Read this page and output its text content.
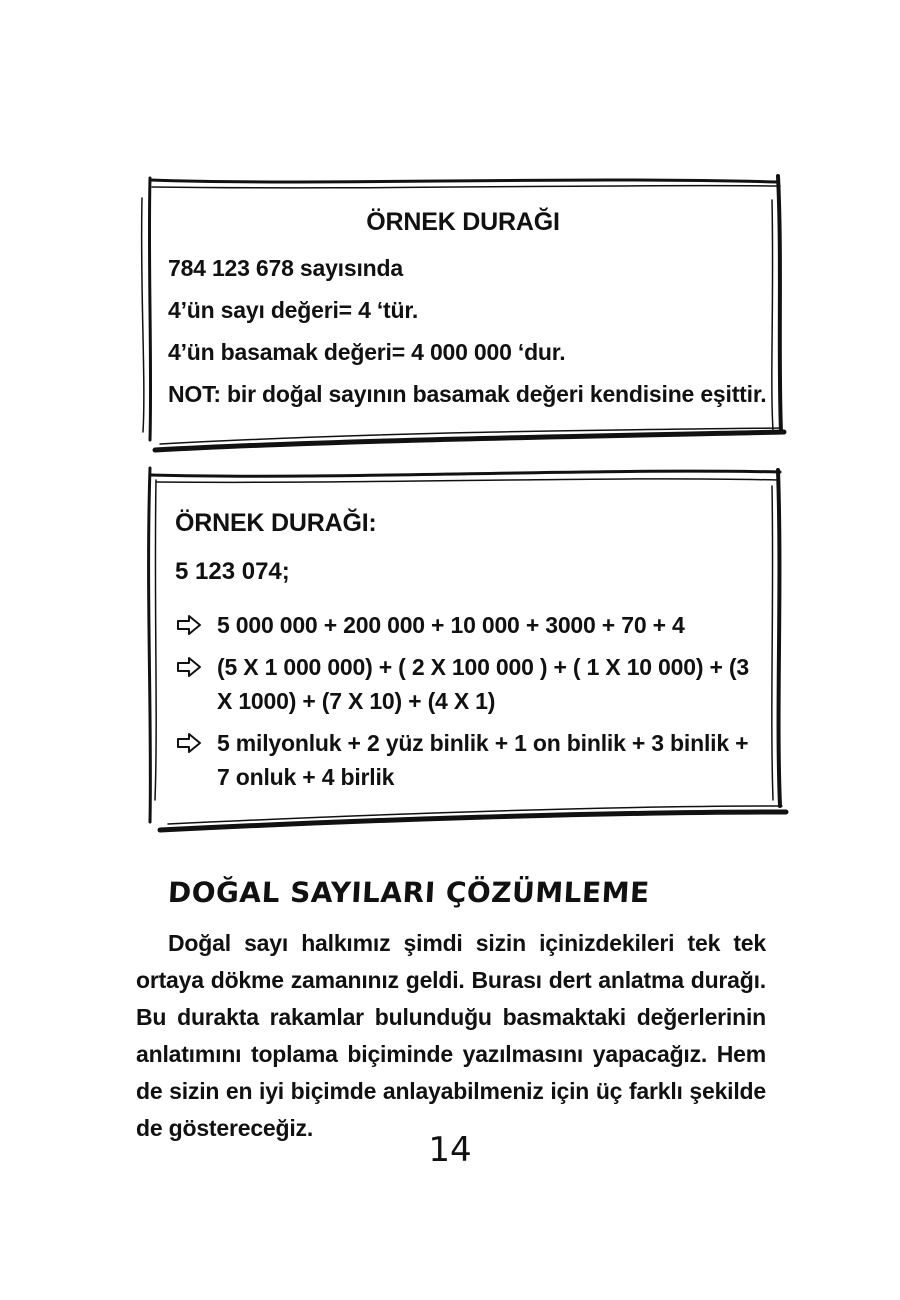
ÖRNEK DURAĞI
784 123 678 sayısında
4’ün sayı değeri= 4 ‘tür.
4’ün basamak değeri= 4 000 000 ‘dur.
NOT: bir doğal sayının basamak değeri kendisine eşittir.
ÖRNEK DURAĞI:
5 123 074;
5 000 000 + 200 000 + 10 000 + 3000 + 70 + 4
(5 X 1 000 000) + ( 2 X 100 000 ) + ( 1 X 10 000) + (3 X 1000) + (7 X 10) + (4 X 1)
5 milyonluk + 2 yüz binlik + 1 on binlik + 3 binlik + 7 onluk + 4 birlik
DOĞAL SAYILARI ÇÖZÜMLEME

Doğal sayı halkımız şimdi sizin içinizdekileri tek tek ortaya dökme zamanınız geldi. Burası dert anlatma durağı. Bu durakta rakamlar bulunduğu basmaktaki değerlerinin anlatımını toplama biçiminde yazılmasını yapacağız. Hem de sizin en iyi biçimde anlayabilmeniz için üç farklı şekilde de göstereceğiz.

14
